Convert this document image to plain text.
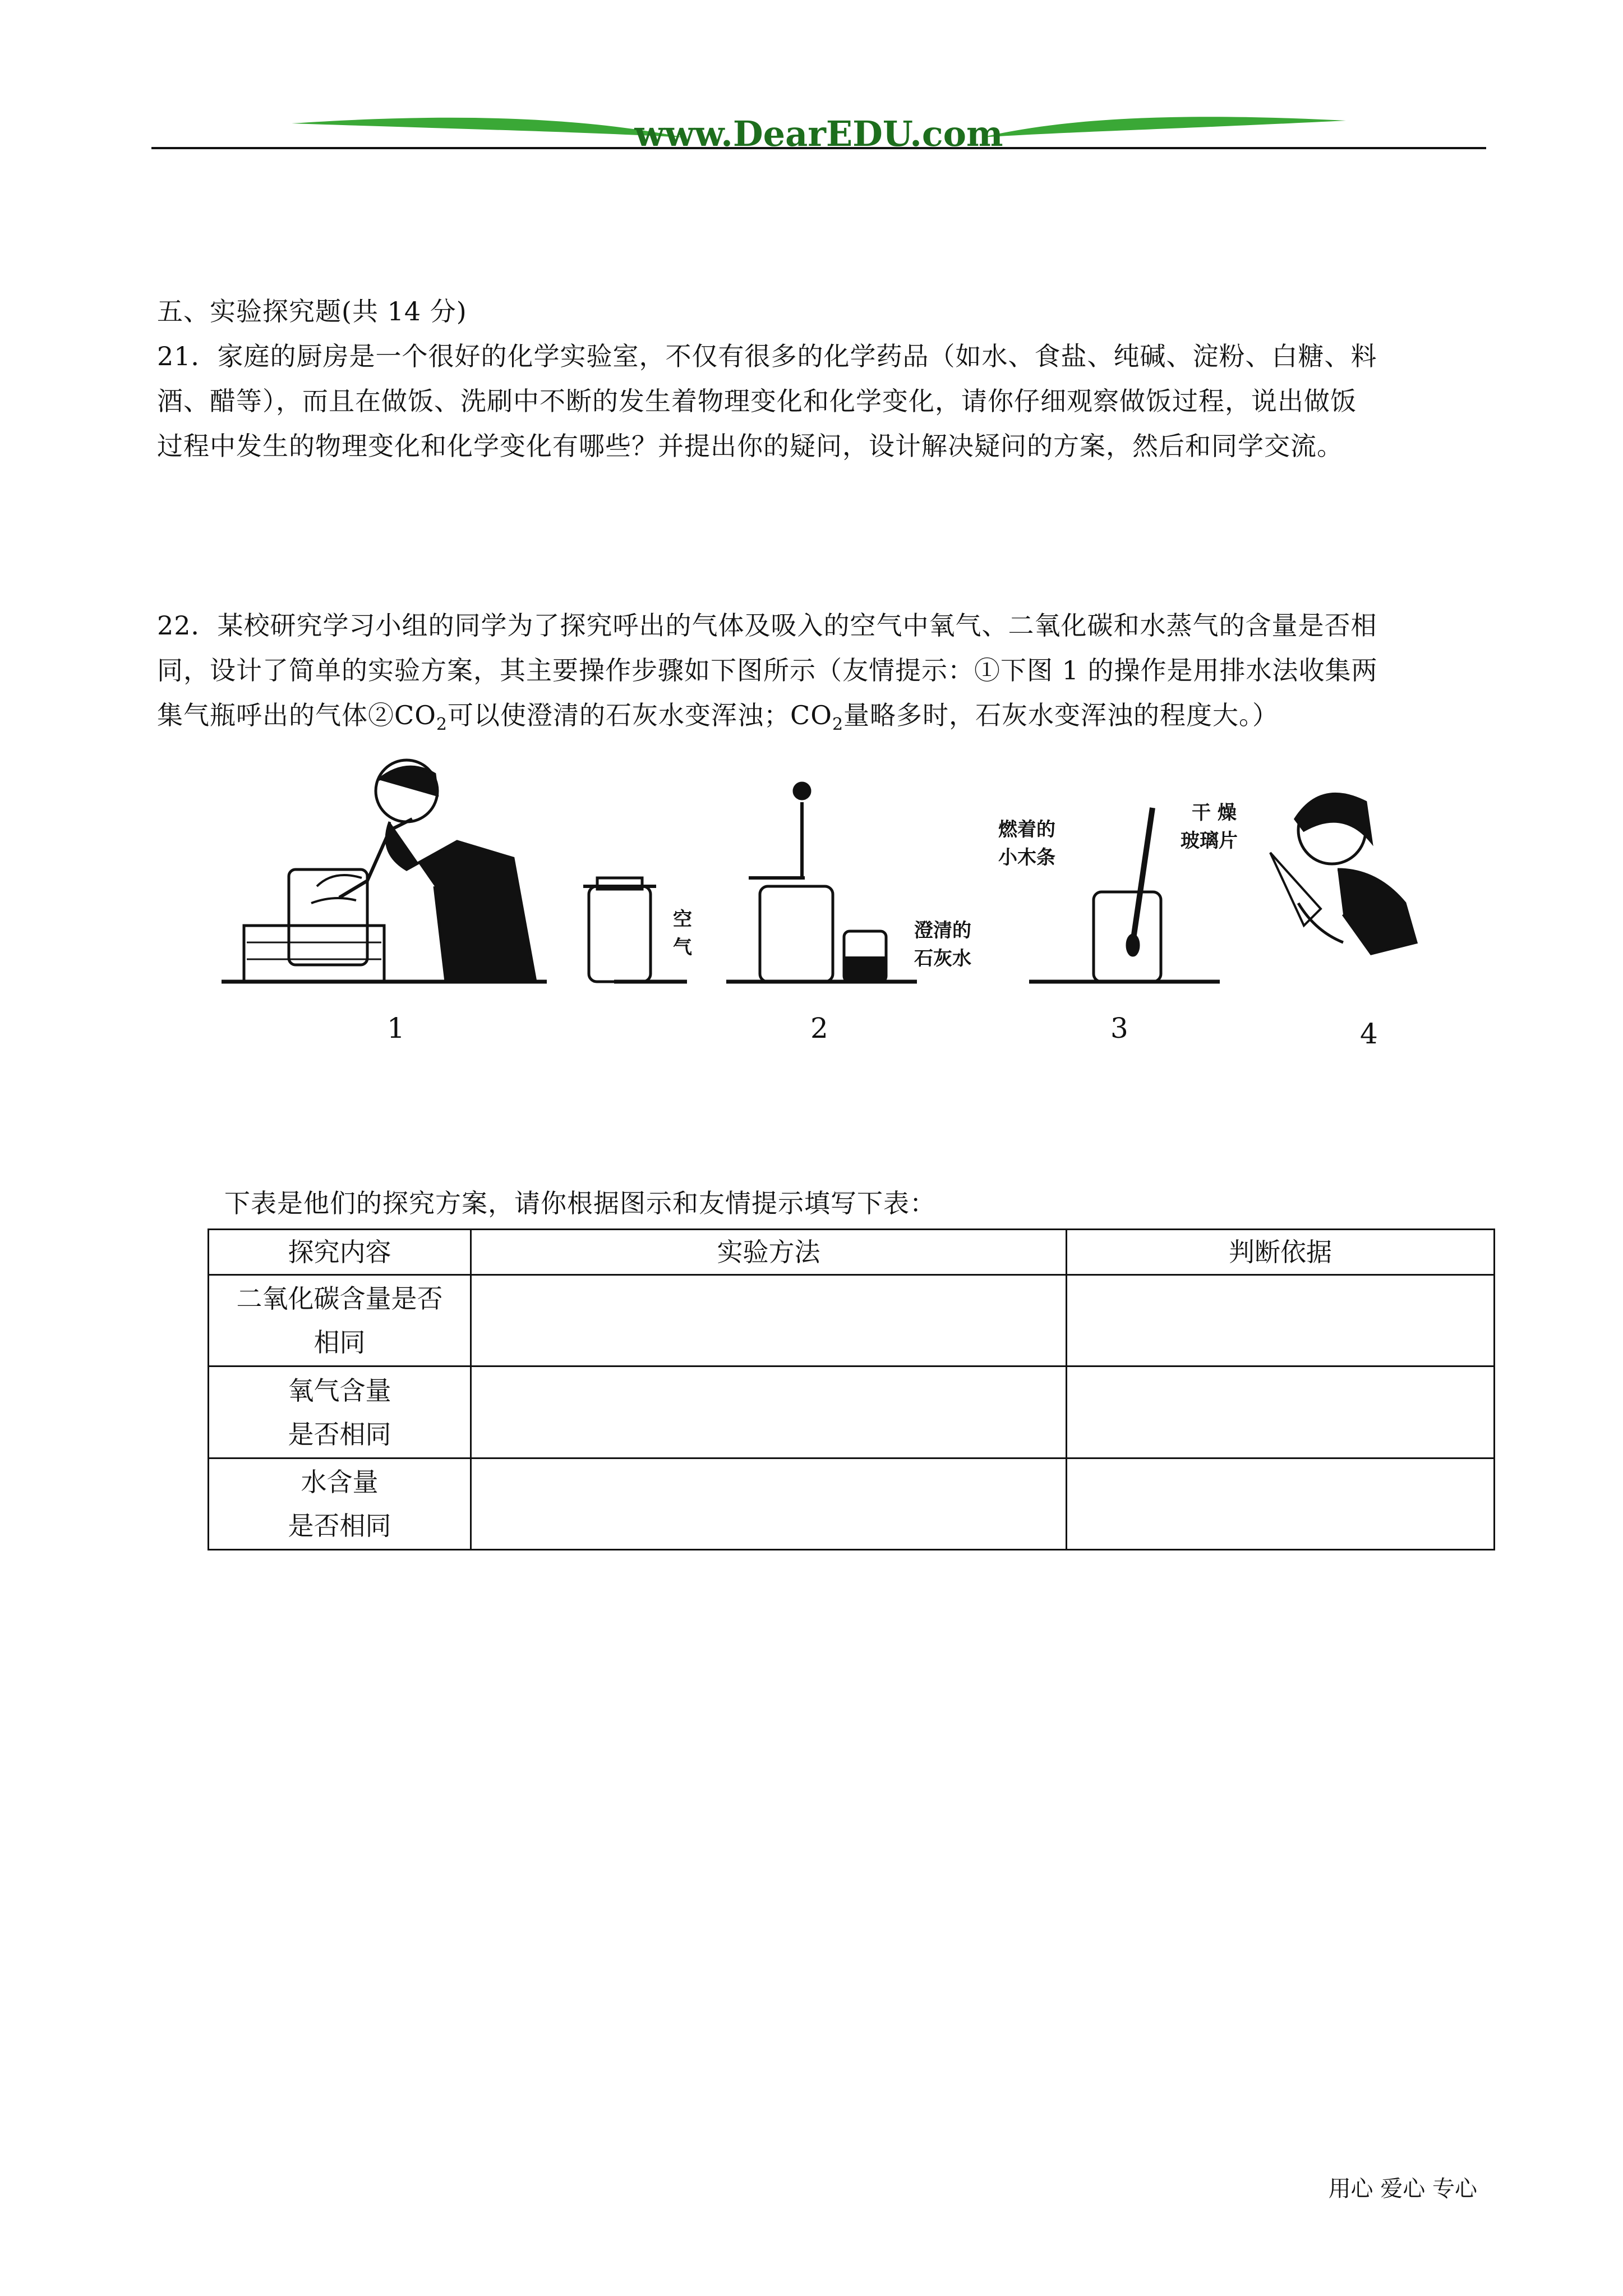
www.DearEDU.com
五、实验探究题(共 14 分)
21．家庭的厨房是一个很好的化学实验室，不仅有很多的化学药品（如水、食盐、纯碱、淀粉、白糖、料
酒、醋等），而且在做饭、洗刷中不断的发生着物理变化和化学变化，请你仔细观察做饭过程，说出做饭
过程中发生的物理变化和化学变化有哪些？并提出你的疑问，设计解决疑问的方案，然后和同学交流。
22．某校研究学习小组的同学为了探究呼出的气体及吸入的空气中氧气、二氧化碳和水蒸气的含量是否相
同，设计了简单的实验方案，其主要操作步骤如下图所示（友情提示：①下图 1 的操作是用排水法收集两
集气瓶呼出的气体$②CO_2$可以使澄清的石灰水变浑浊；$CO_2$量略多时，石灰水变浑浊的程度大。）
空
气
1
澄清的
石灰水
2
燃着的
小木条
3
干 燥
玻璃片
4
下表是他们的探究方案，请你根据图示和友情提示填写下表：
探究内容	实验方法	判断依据

二氧化碳含量是否
相同		

氧气含量
是否相同		

水含量
是否相同		

用心 爱心 专心
